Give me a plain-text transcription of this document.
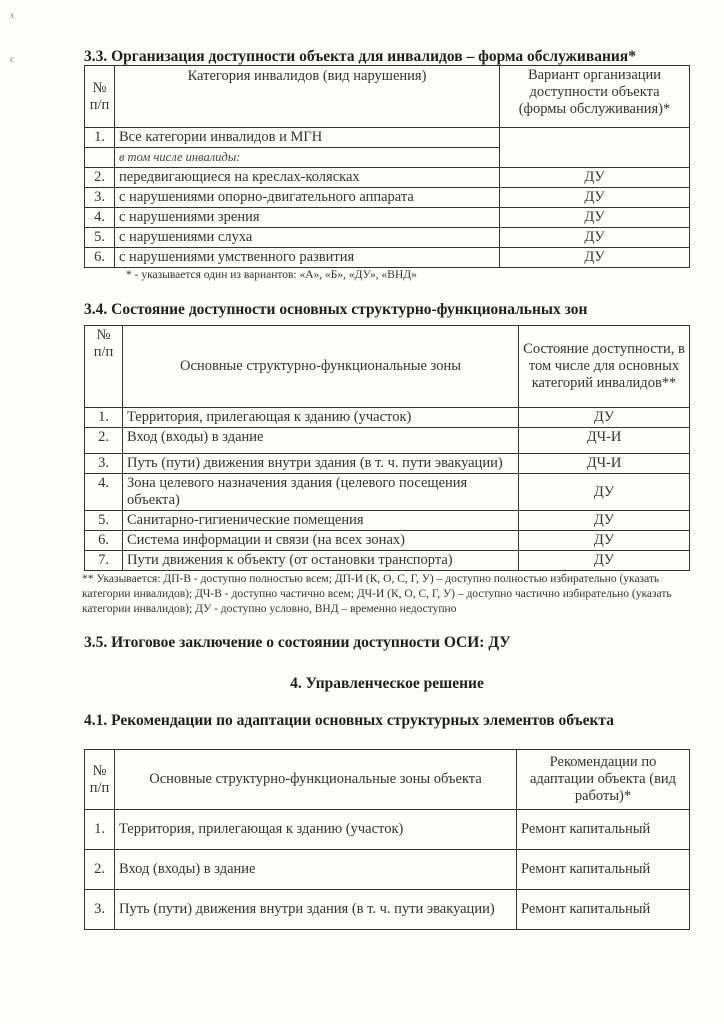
з
с	3.3. Организация доступности объекта для инвалидов – форма обслуживания*
№ п/п	Категория инвалидов (вид нарушения)	Вариант организации доступности объекта (формы обслуживания)*
1.	Все категории инвалидов и МГН	
	в том числе инвалиды:	
2.	передвигающиеся на креслах-колясках	ДУ
3.	с нарушениями опорно-двигательного аппарата	ДУ
4.	с нарушениями зрения	ДУ
5.	с нарушениями слуха	ДУ
6.	с нарушениями умственного развития	ДУ
* - указывается один из вариантов: «А», «Б», «ДУ», «ВНД»
3.4. Состояние доступности основных структурно-функциональных зон
№ п/п	Основные структурно-функциональные зоны	Состояние доступности, в том числе для основных категорий инвалидов**
1.	Территория, прилегающая к зданию (участок)	ДУ
2.	Вход (входы) в здание	ДЧ-И
3.	Путь (пути) движения внутри здания (в т. ч. пути эвакуации)	ДЧ-И
4.	Зона целевого назначения здания (целевого посещения объекта)	ДУ
5.	Санитарно-гигиенические помещения	ДУ
6.	Система информации и связи (на всех зонах)	ДУ
7.	Пути движения к объекту (от остановки транспорта)	ДУ
** Указывается: ДП-В - доступно полностью всем; ДП-И (К, О, С, Г, У) – доступно полностью избирательно (указать категории инвалидов); ДЧ-В - доступно частично всем; ДЧ-И (К, О, С, Г, У) – доступно частично избирательно (указать категории инвалидов); ДУ - доступно условно, ВНД – временно недоступно
3.5. Итоговое заключение о состоянии доступности ОСИ: ДУ
4. Управленческое решение
4.1. Рекомендации по адаптации основных структурных элементов объекта
№ п/п	Основные структурно-функциональные зоны объекта	Рекомендации по адаптации объекта (вид работы)*
1.	Территория, прилегающая к зданию (участок)	Ремонт капитальный
2.	Вход (входы) в здание	Ремонт капитальный
3.	Путь (пути) движения внутри здания (в т. ч. пути эвакуации)	Ремонт капитальный
